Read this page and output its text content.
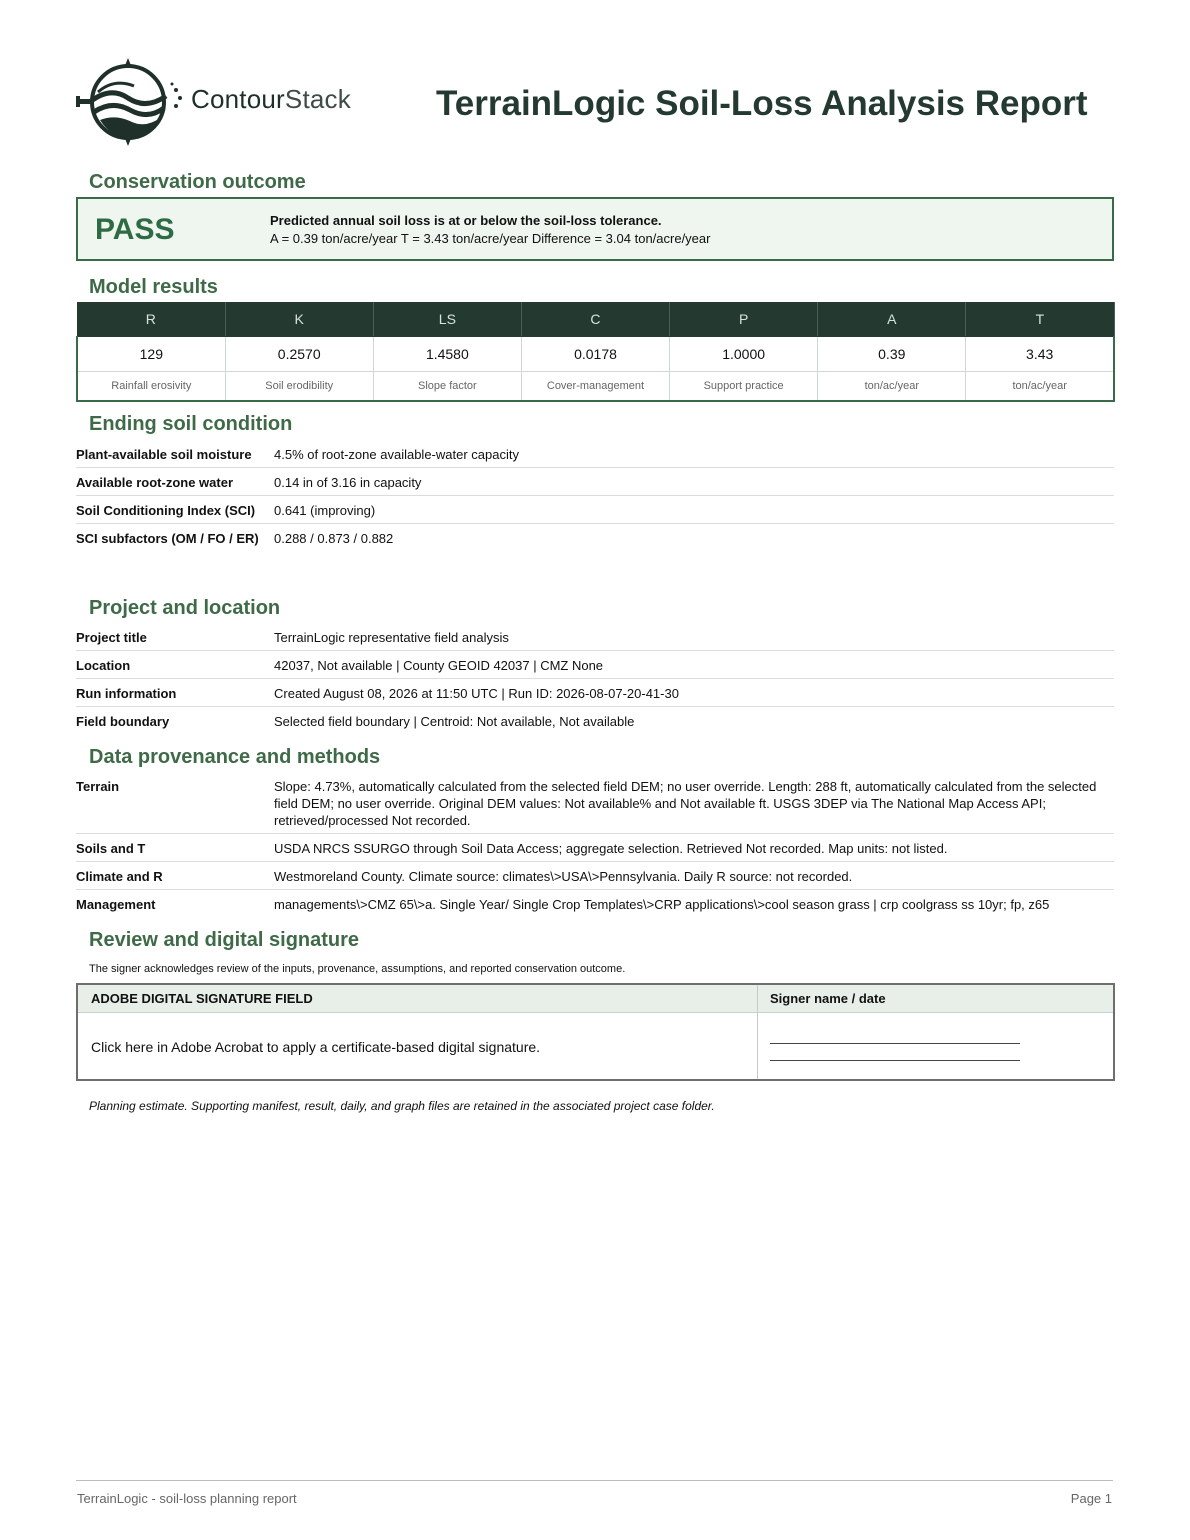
ContourStack TerrainLogic Soil-Loss Analysis Report
Conservation outcome
PASS	Predicted annual soil loss is at or below the soil-loss tolerance.
A = 0.39 ton/acre/year T = 3.43 ton/acre/year Difference = 3.04 ton/acre/year
Model results
R	K	LS	C	P	A	T
129	0.2570	1.4580	0.0178	1.0000	0.39	3.43
Rainfall erosivity	Soil erodibility	Slope factor	Cover-management	Support practice	ton/ac/year	ton/ac/year
Ending soil condition
Plant-available soil moisture	4.5% of root-zone available-water capacity
Available root-zone water	0.14 in of 3.16 in capacity
Soil Conditioning Index (SCI)	0.641 (improving)
SCI subfactors (OM / FO / ER)	0.288 / 0.873 / 0.882
Project and location
Project title	TerrainLogic representative field analysis
Location	42037, Not available | County GEOID 42037 | CMZ None
Run information	Created August 08, 2026 at 11:50 UTC | Run ID: 2026-08-07-20-41-30
Field boundary	Selected field boundary | Centroid: Not available, Not available
Data provenance and methods
Terrain	Slope: 4.73%, automatically calculated from the selected field DEM; no user override. Length: 288 ft, automatically calculated from the selected field DEM; no user override. Original DEM values: Not available% and Not available ft. USGS 3DEP via The National Map Access API; retrieved/processed Not recorded.
Soils and T	USDA NRCS SSURGO through Soil Data Access; aggregate selection. Retrieved Not recorded. Map units: not listed.
Climate and R	Westmoreland County. Climate source: climates\>USA\>Pennsylvania. Daily R source: not recorded.
Management	managements\>CMZ 65\>a. Single Year/ Single Crop Templates\>CRP applications\>cool season grass | crp coolgrass ss 10yr; fp, z65
Review and digital signature
The signer acknowledges review of the inputs, provenance, assumptions, and reported conservation outcome.
ADOBE DIGITAL SIGNATURE FIELD	Signer name / date
Click here in Adobe Acrobat to apply a certificate-based digital signature.
Planning estimate. Supporting manifest, result, daily, and graph files are retained in the associated project case folder.
TerrainLogic - soil-loss planning report	Page 1
